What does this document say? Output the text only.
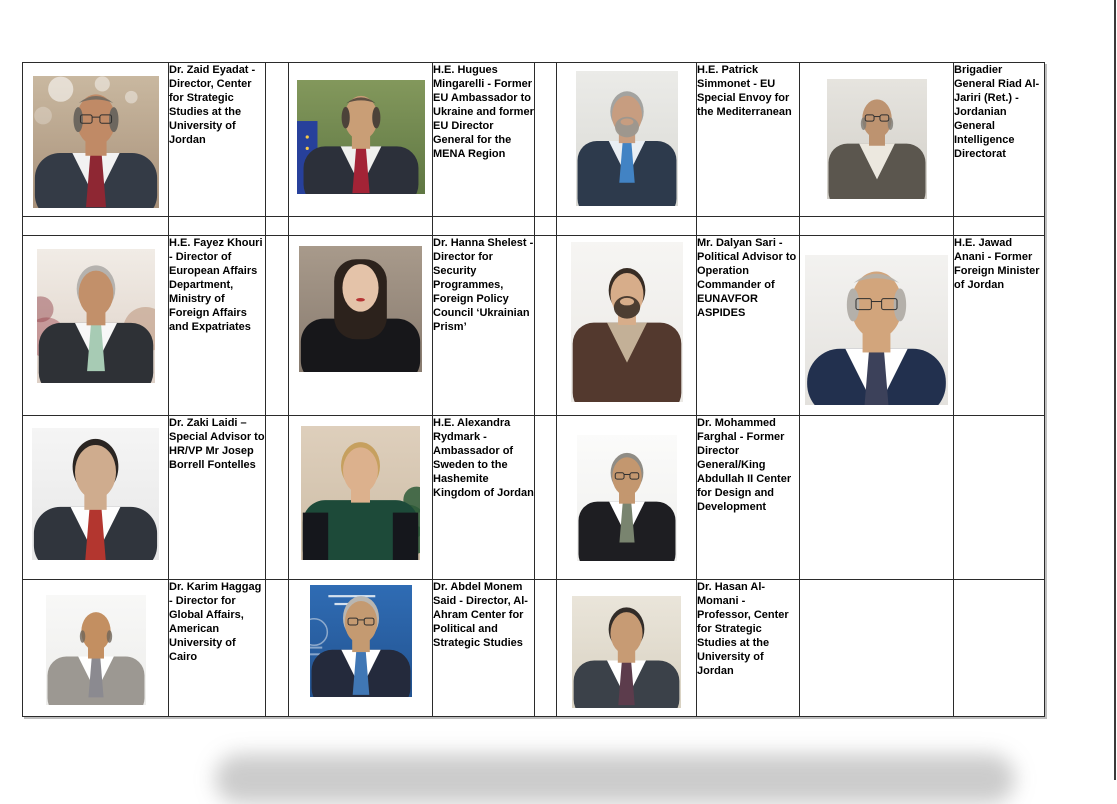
	Dr. Zaid Eyadat - Director, Center for Strategic Studies at the University of Jordan			H.E. Hugues Mingarelli - Former EU Ambassador to Ukraine and former EU Director General for the MENA Region			H.E. Patrick Simmonet - EU Special Envoy for the Mediterranean		Brigadier General Riad Al-Jariri (Ret.) - Jordanian General Intelligence Directorat

	H.E. Fayez Khouri - Director of European Affairs Department, Ministry of Foreign Affairs and Expatriates			Dr. Hanna Shelest - Director for Security Programmes, Foreign Policy Council ‘Ukrainian Prism’			Mr. Dalyan Sari - Political Advisor to Operation Commander of EUNAVFOR ASPIDES		H.E. Jawad Anani - Former Foreign Minister of Jordan

	Dr. Zaki Laidi – Special Advisor to HR/VP Mr Josep Borrell Fontelles			H.E. Alexandra Rydmark - Ambassador of Sweden to the Hashemite Kingdom of Jordan			Dr. Mohammed Farghal - Former Director General/King Abdullah II Center for Design and Development		

	Dr. Karim Haggag - Director for Global Affairs, American University of Cairo			Dr. Abdel Monem Said - Director, Al-Ahram Center for Political and Strategic Studies			Dr. Hasan Al-Momani - Professor, Center for Strategic Studies at the University of Jordan		
